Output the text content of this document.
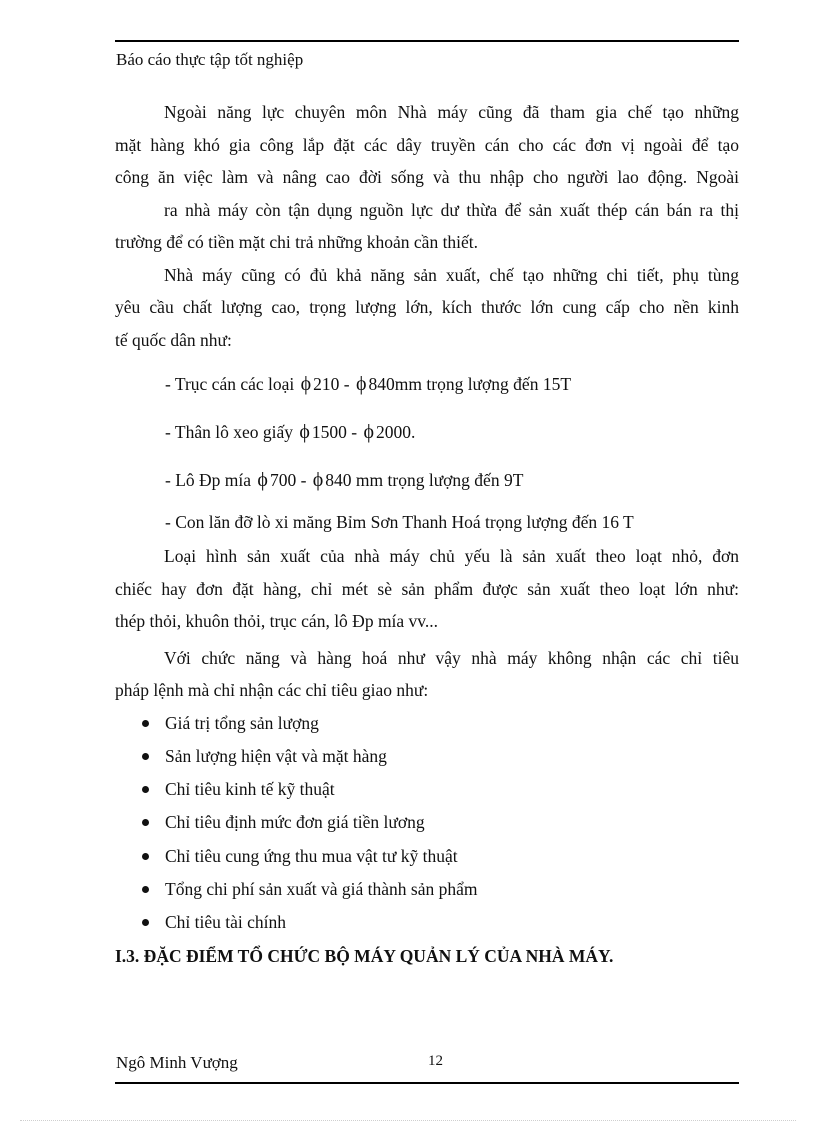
Báo cáo thực tập tốt nghiệp

Ngoài năng lực chuyên môn Nhà máy cũng đã tham gia chế tạo những

mặt hàng khó gia công lắp đặt các dây truyền cán cho các đơn vị ngoài để tạo

công ăn việc làm và nâng cao đời sống và thu nhập cho người lao động. Ngoài

ra nhà máy còn tận dụng nguồn lực dư thừa để sản xuất thép cán bán ra thị

trường để có tiền mặt chi trả những khoản cần thiết.

Nhà máy cũng có đủ khả năng sản xuất, chế tạo những chi tiết, phụ tùng

yêu cầu chất lượng cao, trọng lượng lớn, kích thước lớn cung cấp cho nền kinh

tế quốc dân như:

- Trục cán các loại ϕ 210 - ϕ 840mm trọng lượng đến 15T

- Thân lô xeo giấy ϕ 1500 - ϕ 2000.

- Lô Đp mía ϕ 700 - ϕ 840 mm trọng lượng đến 9T

- Con lăn đỡ lò xi măng Bỉm Sơn Thanh Hoá trọng lượng đến 16 T

Loại hình sản xuất của nhà máy chủ yếu là sản xuất theo loạt nhỏ, đơn

chiếc hay đơn đặt hàng, chỉ mét sè sản phẩm được sản xuất theo loạt lớn như:

thép thỏi, khuôn thỏi, trục cán, lô Đp mía vv...

Với chức năng và hàng hoá như vậy nhà máy không nhận các chỉ tiêu

pháp lệnh mà chỉ nhận các chỉ tiêu giao như:

Giá trị tổng sản lượng
Sản lượng hiện vật và mặt hàng
Chỉ tiêu kinh tế kỹ thuật
Chỉ tiêu định mức đơn giá tiền lương
Chỉ tiêu cung ứng thu mua vật tư kỹ thuật
Tổng chi phí sản xuất và giá thành sản phẩm
Chỉ tiêu tài chính

I.3. ĐẶC ĐIỂM TỔ CHỨC BỘ MÁY QUẢN LÝ CỦA NHÀ MÁY.

Ngô Minh Vượng	12
